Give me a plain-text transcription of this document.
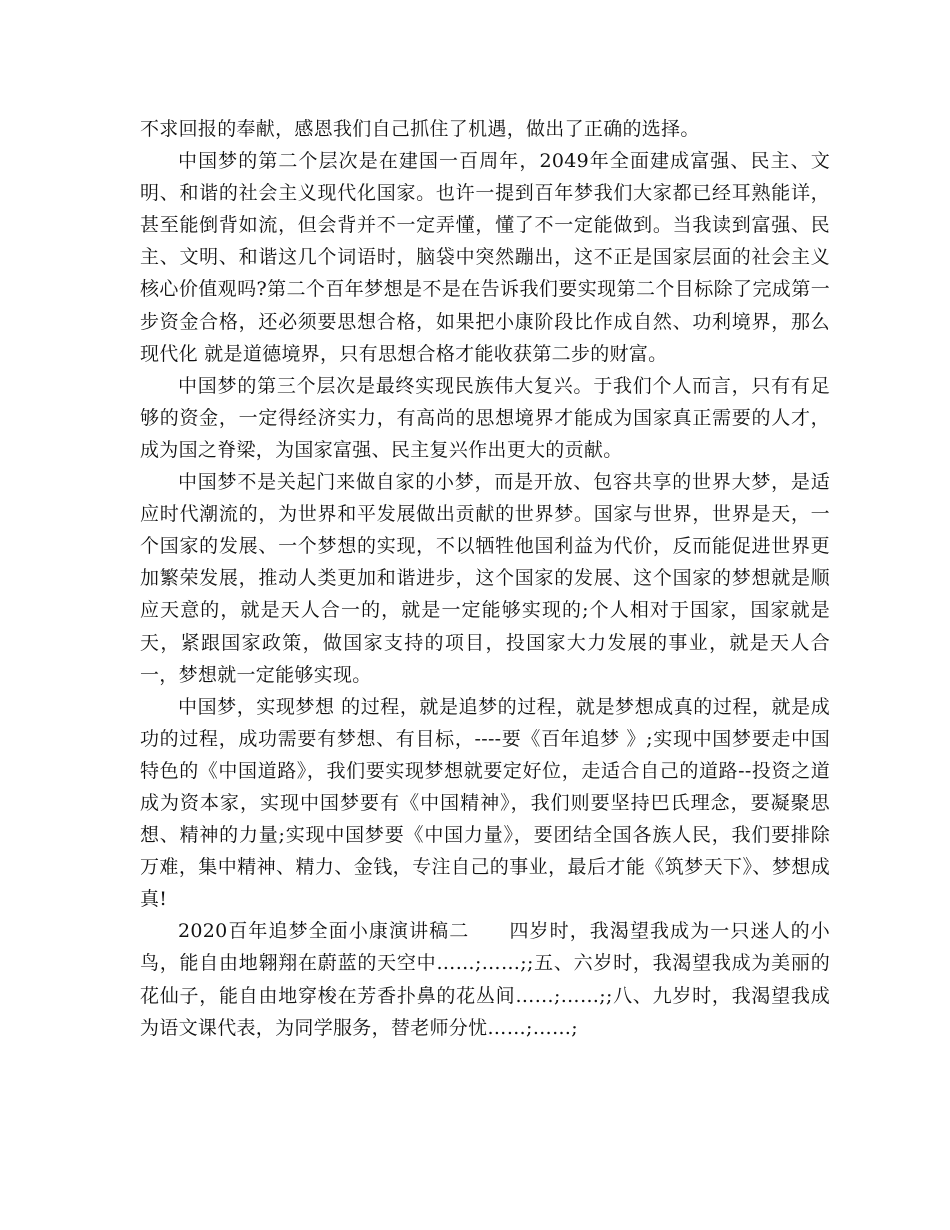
不求回报的奉献，感恩我们自己抓住了机遇，做出了正确的选择。

中国梦的第二个层次是在建国一百周年，2049年全面建成富强、民主、文明、和谐的社会主义现代化国家。也许一提到百年梦我们大家都已经耳熟能详，甚至能倒背如流，但会背并不一定弄懂，懂了不一定能做到。当我读到富强、民主、文明、和谐这几个词语时，脑袋中突然蹦出，这不正是国家层面的社会主义核心价值观吗?第二个百年梦想是不是在告诉我们要实现第二个目标除了完成第一步资金合格，还必须要思想合格，如果把小康阶段比作成自然、功利境界，那么现代化 就是道德境界，只有思想合格才能收获第二步的财富。

中国梦的第三个层次是最终实现民族伟大复兴。于我们个人而言，只有有足够的资金，一定得经济实力，有高尚的思想境界才能成为国家真正需要的人才，成为国之脊梁，为国家富强、民主复兴作出更大的贡献。

中国梦不是关起门来做自家的小梦，而是开放、包容共享的世界大梦，是适应时代潮流的，为世界和平发展做出贡献的世界梦。国家与世界，世界是天，一个国家的发展、一个梦想的实现，不以牺牲他国利益为代价，反而能促进世界更加繁荣发展，推动人类更加和谐进步，这个国家的发展、这个国家的梦想就是顺应天意的，就是天人合一的，就是一定能够实现的;个人相对于国家，国家就是天，紧跟国家政策，做国家支持的项目，投国家大力发展的事业，就是天人合一，梦想就一定能够实现。

中国梦，实现梦想 的过程，就是追梦的过程，就是梦想成真的过程，就是成功的过程，成功需要有梦想、有目标，----要《百年追梦 》;实现中国梦要走中国特色的《中国道路》，我们要实现梦想就要定好位，走适合自己的道路--投资之道成为资本家，实现中国梦要有《中国精神》，我们则要坚持巴氏理念，要凝聚思想、精神的力量;实现中国梦要《中国力量》，要团结全国各族人民，我们要排除万难，集中精神、精力、金钱，专注自己的事业，最后才能《筑梦天下》、梦想成真!

2020百年追梦全面小康演讲稿二　　四岁时，我渴望我成为一只迷人的小鸟，能自由地翱翔在蔚蓝的天空中……;……;;五、六岁时，我渴望我成为美丽的花仙子，能自由地穿梭在芳香扑鼻的花丛间……;……;;八、九岁时，我渴望我成为语文课代表，为同学服务，替老师分忧……;……;
